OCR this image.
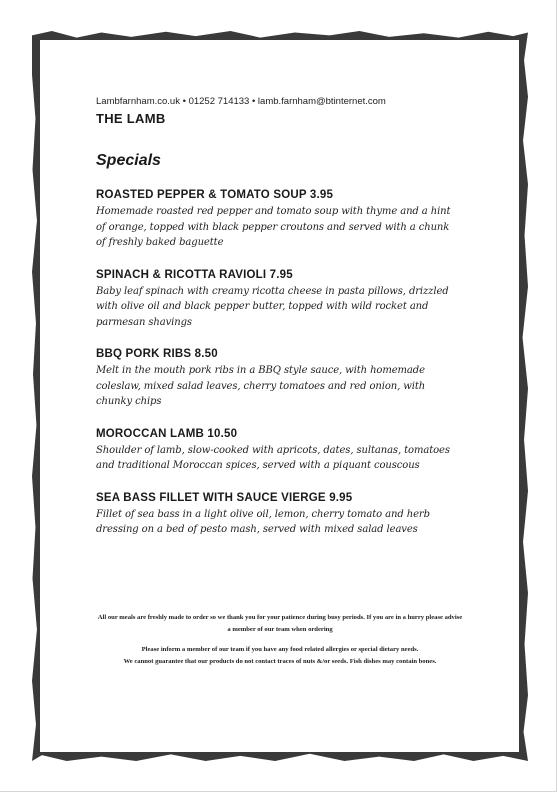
Lambfarnham.co.uk • 01252 714133 • lamb.farnham@btinternet.com
THE LAMB
Specials
ROASTED PEPPER & TOMATO SOUP 3.95
Homemade roasted red pepper and tomato soup with thyme and a hint of orange, topped with black pepper croutons and served with a chunk of freshly baked baguette
SPINACH & RICOTTA RAVIOLI 7.95
Baby leaf spinach with creamy ricotta cheese in pasta pillows, drizzled with olive oil and black pepper butter, topped with wild rocket and parmesan shavings
BBQ PORK RIBS 8.50
Melt in the mouth pork ribs in a BBQ style sauce, with homemade coleslaw, mixed salad leaves, cherry tomatoes and red onion, with chunky chips
MOROCCAN LAMB 10.50
Shoulder of lamb, slow-cooked with apricots, dates, sultanas, tomatoes and traditional Moroccan spices, served with a piquant couscous
SEA BASS FILLET WITH SAUCE VIERGE 9.95
Fillet of sea bass in a light olive oil, lemon, cherry tomato and herb dressing on a bed of pesto mash, served with mixed salad leaves

All our meals are freshly made to order so we thank you for your patience during busy periods. If you are in a hurry please advise a member of our team when ordering

Please inform a member of our team if you have any food related allergies or special dietary needs.
We cannot guarantee that our products do not contact traces of nuts &/or seeds. Fish dishes may contain bones.
